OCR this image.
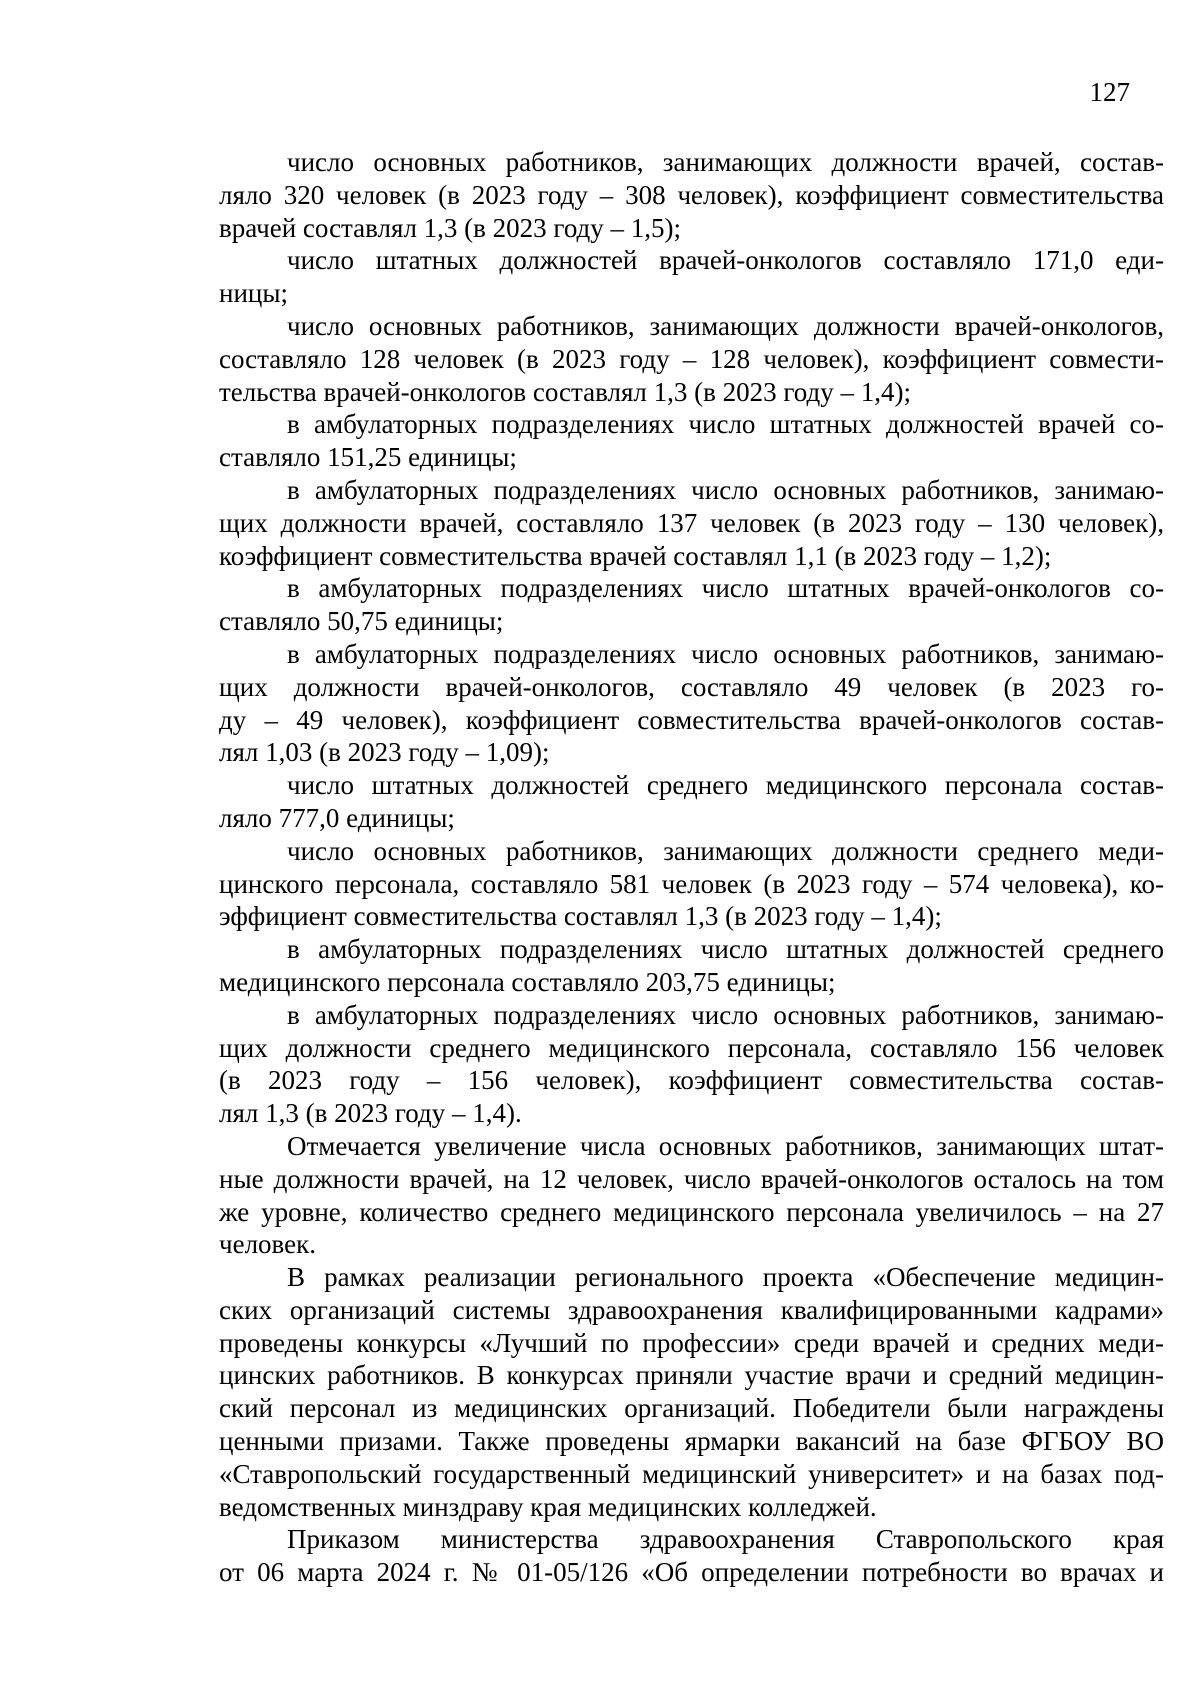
127

число основных работников, занимающих должности врачей, состав-
ляло 320 человек (в 2023 году – 308 человек), коэффициент совместительства
врачей составлял 1,3 (в 2023 году – 1,5);

число штатных должностей врачей-онкологов составляло 171,0 еди-
ницы;

число основных работников, занимающих должности врачей-онкологов,
составляло 128 человек (в 2023 году – 128 человек), коэффициент совмести-
тельства врачей-онкологов составлял 1,3 (в 2023 году – 1,4);

в амбулаторных подразделениях число штатных должностей врачей со-
ставляло 151,25 единицы;

в амбулаторных подразделениях число основных работников, занимаю-
щих должности врачей, составляло 137 человек (в 2023 году – 130 человек),
коэффициент совместительства врачей составлял 1,1 (в 2023 году – 1,2);

в амбулаторных подразделениях число штатных врачей-онкологов со-
ставляло 50,75 единицы;

в амбулаторных подразделениях число основных работников, занимаю-
щих должности врачей-онкологов, составляло 49 человек (в 2023 го-
ду – 49 человек), коэффициент совместительства врачей-онкологов состав-
лял 1,03 (в 2023 году – 1,09);

число штатных должностей среднего медицинского персонала состав-
ляло 777,0 единицы;

число основных работников, занимающих должности среднего меди-
цинского персонала, составляло 581 человек (в 2023 году – 574 человека), ко-
эффициент совместительства составлял 1,3 (в 2023 году – 1,4);

в амбулаторных подразделениях число штатных должностей среднего
медицинского персонала составляло 203,75 единицы;

в амбулаторных подразделениях число основных работников, занимаю-
щих должности среднего медицинского персонала, составляло 156 человек
(в 2023 году – 156 человек), коэффициент совместительства состав-
лял 1,3 (в 2023 году – 1,4).

Отмечается увеличение числа основных работников, занимающих штат-
ные должности врачей, на 12 человек, число врачей-онкологов осталось на том
же уровне, количество среднего медицинского персонала увеличилось – на 27
человек.

В рамках реализации регионального проекта «Обеспечение медицин-
ских организаций системы здравоохранения квалифицированными кадрами»
проведены конкурсы «Лучший по профессии» среди врачей и средних меди-
цинских работников. В конкурсах приняли участие врачи и средний медицин-
ский персонал из медицинских организаций. Победители были награждены
ценными призами. Также проведены ярмарки вакансий на базе ФГБОУ ВО
«Ставропольский государственный медицинский университет» и на базах под-
ведомственных минздраву края медицинских колледжей.

Приказом министерства здравоохранения Ставропольского края
от 06 марта 2024 г. № 01-05/126 «Об определении потребности во врачах и
